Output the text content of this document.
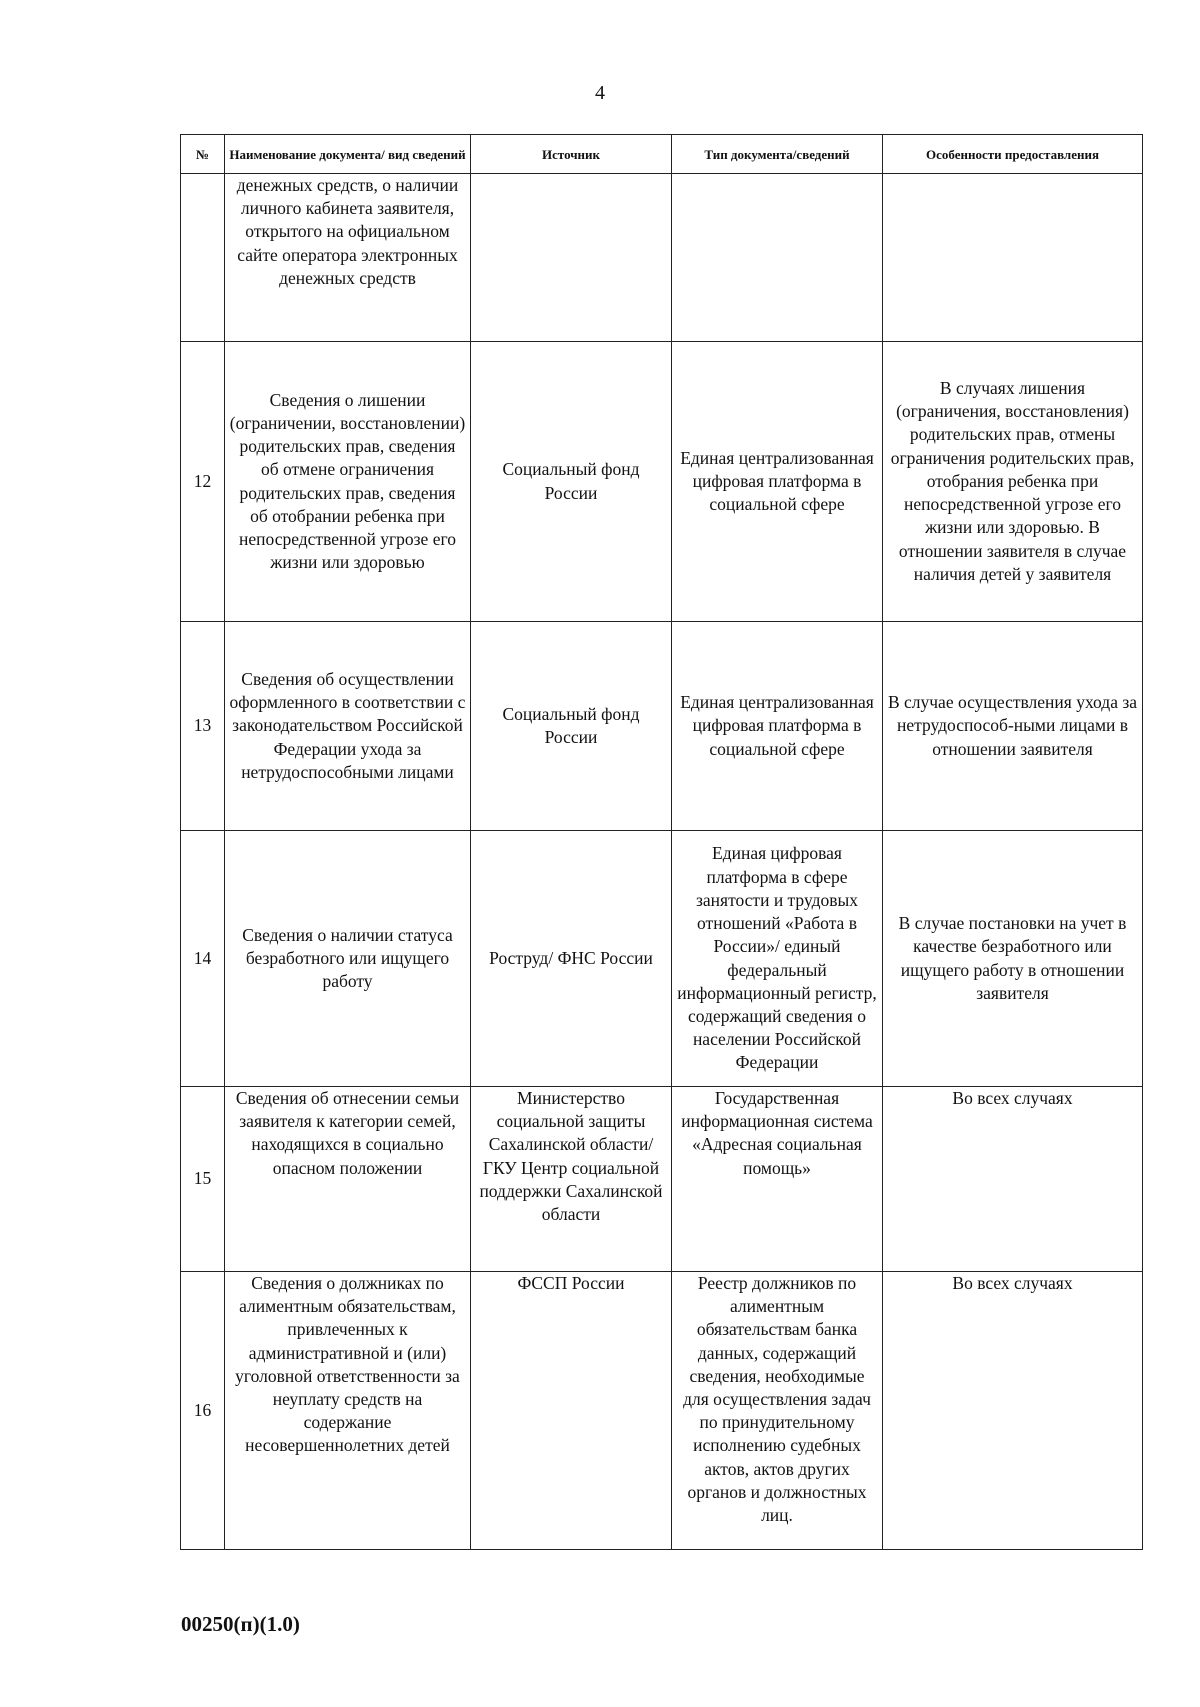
4
№	Наименование документа/ вид сведений	Источник	Тип документа/сведений	Особенности предоставления
	денежных средств, о наличии личного кабинета заявителя, открытого на официальном сайте оператора электронных денежных средств			
12	Сведения о лишении (ограничении, восстановлении) родительских прав, сведения об отмене ограничения родительских прав, сведения об отобрании ребенка при непосредственной угрозе его жизни или здоровью	Социальный фонд России	Единая централизованная цифровая платформа в социальной сфере	В случаях лишения (ограничения, восстановления) родительских прав, отмены ограничения родительских прав, отобрания ребенка при непосредственной угрозе его жизни или здоровью. В отношении заявителя в случае наличия детей у заявителя
13	Сведения об осуществлении оформленного в соответствии с законодательством Российской Федерации ухода за нетрудоспособными лицами	Социальный фонд России	Единая централизованная цифровая платформа в социальной сфере	В случае осуществления ухода за нетрудоспособ-ными лицами в отношении заявителя
14	Сведения о наличии статуса безработного или ищущего работу	Роструд/ ФНС России	Единая цифровая платформа в сфере занятости и трудовых отношений «Работа в России»/ единый федеральный информационный регистр, содержащий сведения о населении Российской Федерации	В случае постановки на учет в качестве безработного или ищущего работу в отношении заявителя
15	Сведения об отнесении семьи заявителя к категории семей, находящихся в социально опасном положении	Министерство социальной защиты Сахалинской области/ГКУ Центр социальной поддержки Сахалинской области	Государственная информационная система «Адресная социальная помощь»	Во всех случаях
16	Сведения о должниках по алиментным обязательствам, привлеченных к административной и (или) уголовной ответственности за неуплату средств на содержание несовершеннолетних детей	ФССП России	Реестр должников по алиментным обязательствам банка данных, содержащий сведения, необходимые для осуществления задач по принудительному исполнению судебных актов, актов других органов и должностных лиц.	Во всех случаях
00250(п)(1.0)
